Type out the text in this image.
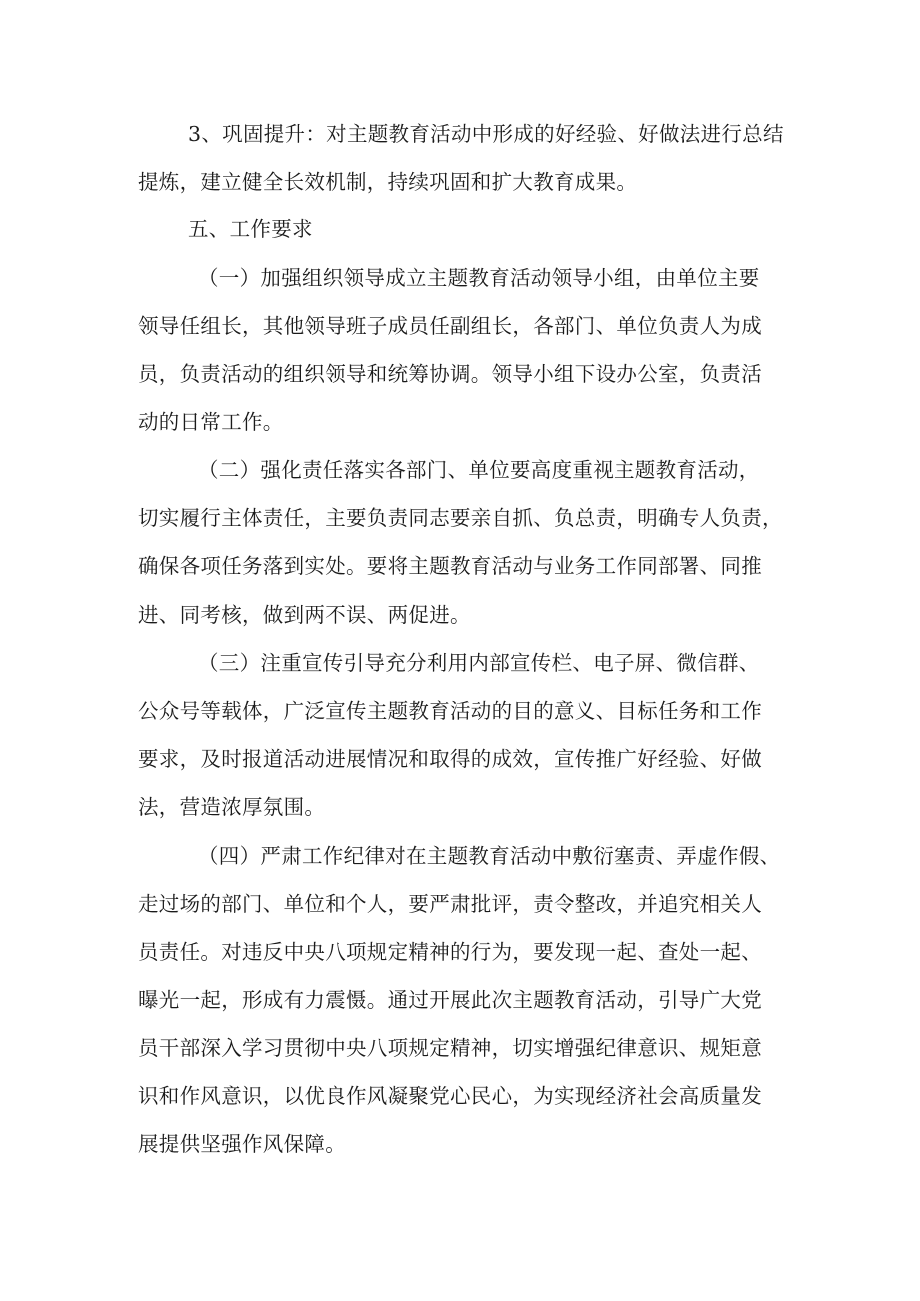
3、巩固提升：对主题教育活动中形成的好经验、好做法进行总结
提炼，建立健全长效机制，持续巩固和扩大教育成果。
五、工作要求
（一）加强组织领导成立主题教育活动领导小组，由单位主要
领导任组长，其他领导班子成员任副组长，各部门、单位负责人为成
员，负责活动的组织领导和统筹协调。领导小组下设办公室，负责活
动的日常工作。
（二）强化责任落实各部门、单位要高度重视主题教育活动，
切实履行主体责任，主要负责同志要亲自抓、负总责，明确专人负责，
确保各项任务落到实处。要将主题教育活动与业务工作同部署、同推
进、同考核，做到两不误、两促进。
（三）注重宣传引导充分利用内部宣传栏、电子屏、微信群、
公众号等载体，广泛宣传主题教育活动的目的意义、目标任务和工作
要求，及时报道活动进展情况和取得的成效，宣传推广好经验、好做
法，营造浓厚氛围。
（四）严肃工作纪律对在主题教育活动中敷衍塞责、弄虚作假、
走过场的部门、单位和个人，要严肃批评，责令整改，并追究相关人
员责任。对违反中央八项规定精神的行为，要发现一起、查处一起、
曝光一起，形成有力震慑。通过开展此次主题教育活动，引导广大党
员干部深入学习贯彻中央八项规定精神，切实增强纪律意识、规矩意
识和作风意识，以优良作风凝聚党心民心，为实现经济社会高质量发
展提供坚强作风保障。
